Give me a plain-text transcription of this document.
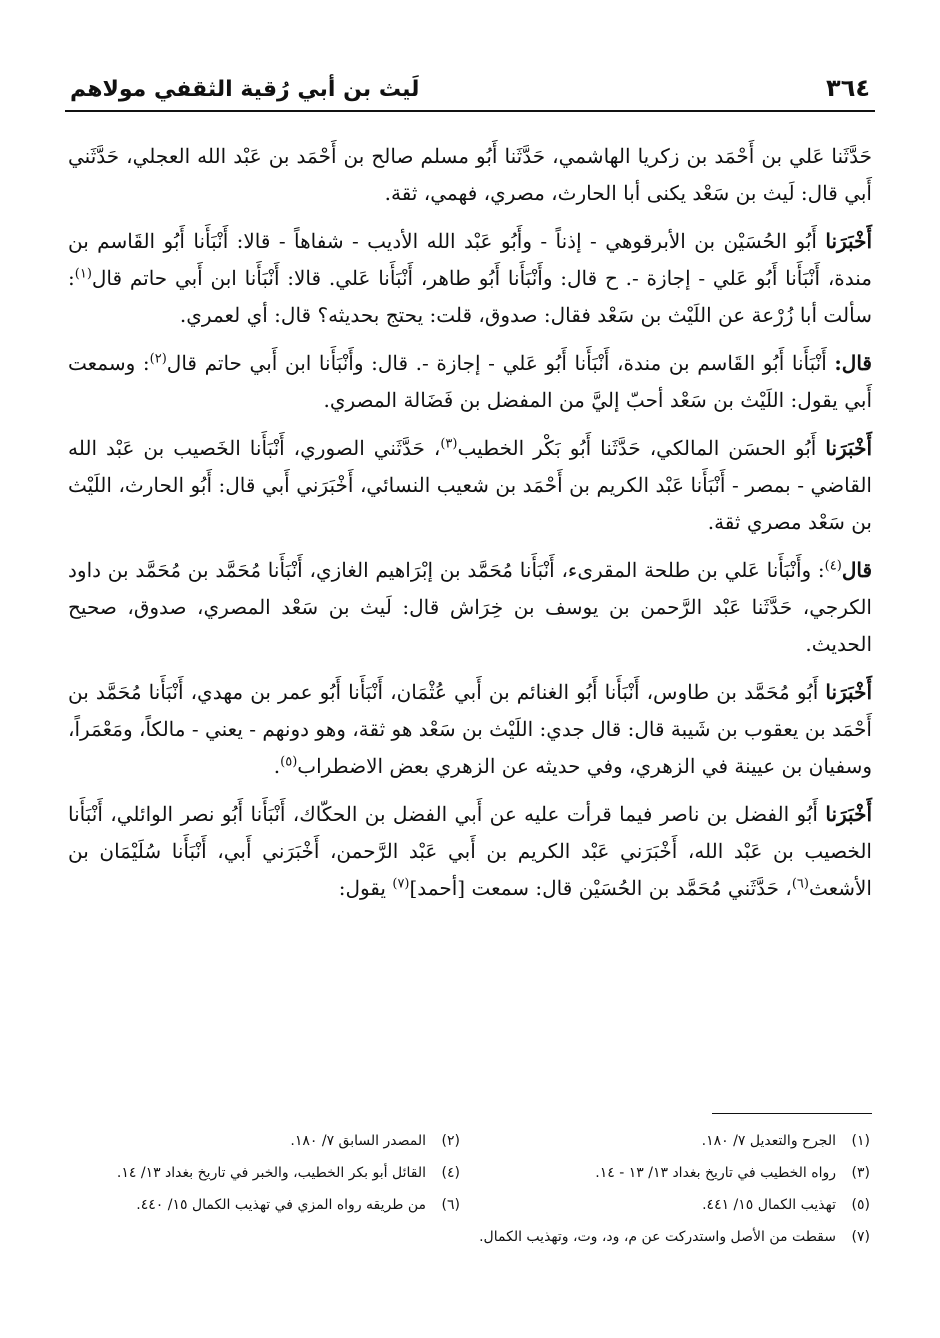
٣٦٤
لَيث بن أبي رُقية الثقفي مولاهم

حَدَّثَنا عَلي بن أَحْمَد بن زكريا الهاشمي، حَدَّثَنا أَبُو مسلم صالح بن أَحْمَد بن عَبْد الله العجلي، حَدَّثَني أَبي قال: لَيث بن سَعْد يكنى أبا الحارث، مصري، فهمي، ثقة.

أَخْبَرَنا أَبُو الحُسَيْن بن الأبرقوهي - إذناً - وأَبُو عَبْد الله الأديب - شفاهاً - قالا: أَنْبَأَنا أَبُو القَاسم بن مندة، أَنْبَأَنا أَبُو عَلي - إجازة -. ح قال: وأَنْبَأَنا أَبُو طاهر، أَنْبَأَنا عَلي. قالا: أَنْبَأَنا ابن أَبي حاتم قال$^{(١)}$: سألت أبا زُرْعة عن اللَيْث بن سَعْد فقال: صدوق، قلت: يحتج بحديثه؟ قال: أي لعمري.

قال: أَنْبَأَنا أَبُو القَاسم بن مندة، أَنْبَأَنا أَبُو عَلي - إجازة -. قال: وأَنْبَأَنا ابن أَبي حاتم قال$^{(٢)}$: وسمعت أَبي يقول: اللَيْث بن سَعْد أحبّ إليَّ من المفضل بن فَضَالة المصري.

أَخْبَرَنا أَبُو الحسَن المالكي، حَدَّثَنا أَبُو بَكْر الخطيب$^{(٣)}$، حَدَّثَني الصوري، أَنْبَأَنا الخَصيب بن عَبْد الله القاضي - بمصر - أَنْبَأَنا عَبْد الكريم بن أَحْمَد بن شعيب النسائي، أَخْبَرَني أَبي قال: أَبُو الحارث، اللَيْث بن سَعْد مصري ثقة.

قال$^{(٤)}$: وأَنْبَأَنا عَلي بن طلحة المقرىء، أَنْبَأَنا مُحَمَّد بن إبْرَاهيم الغازي، أَنْبَأَنا مُحَمَّد بن مُحَمَّد بن داود الكرجي، حَدَّثَنا عَبْد الرَّحمن بن يوسف بن خِرَاش قال: لَيث بن سَعْد المصري، صدوق، صحيح الحديث.

أَخْبَرَنا أَبُو مُحَمَّد بن طاوس، أَنْبَأَنا أَبُو الغنائم بن أَبي عُثْمَان، أَنْبَأَنا أَبُو عمر بن مهدي، أَنْبَأَنا مُحَمَّد بن أَحْمَد بن يعقوب بن شَيبة قال: قال جدي: اللَيْث بن سَعْد هو ثقة، وهو دونهم - يعني - مالكاً، ومَعْمَراً، وسفيان بن عيينة في الزهري، وفي حديثه عن الزهري بعض الاضطراب$^{(٥)}$.

أَخْبَرَنا أَبُو الفضل بن ناصر فيما قرأت عليه عن أَبي الفضل بن الحكّاك، أَنْبَأَنا أَبُو نصر الوائلي، أَنْبَأَنا الخصيب بن عَبْد الله، أَخْبَرَني عَبْد الكريم بن أَبي عَبْد الرَّحمن، أَخْبَرَني أَبي، أَنْبَأَنا سُلَيْمَان بن الأشعث$^{(٦)}$، حَدَّثَني مُحَمَّد بن الحُسَيْن قال: سمعت [أحمد]$^{(٧)}$ يقول:

(١)الجرح والتعديل ٧/ ١٨٠.
(٢)المصدر السابق ٧/ ١٨٠.
(٣)رواه الخطيب في تاريخ بغداد ١٣/ ١٣ - ١٤.
(٤)القائل أبو بكر الخطيب، والخبر في تاريخ بغداد ١٣/ ١٤.
(٥)تهذيب الكمال ١٥/ ٤٤١.
(٦)من طريقه رواه المزي في تهذيب الكمال ١٥/ ٤٤٠.
(٧)سقطت من الأصل واستدركت عن م، ود، وت، وتهذيب الكمال.
